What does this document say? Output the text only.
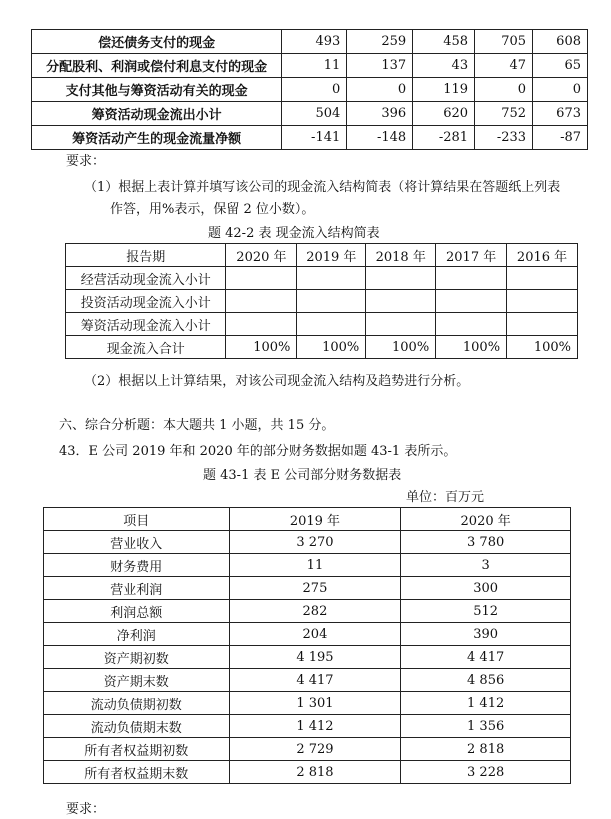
偿还债务支付的现金	493	259	458	705	608
分配股利、利润或偿付利息支付的现金	11	137	43	47	65
支付其他与筹资活动有关的现金	0	0	119	0	0
筹资活动现金流出小计	504	396	620	752	673
筹资活动产生的现金流量净额	-141	-148	-281	-233	-87
要求：
（1）根据上表计算并填写该公司的现金流入结构简表（将计算结果在答题纸上列表
作答，用%表示，保留 2 位小数）。
题 42-2 表 现金流入结构简表
报告期	2020 年	2019 年	2018 年	2017 年	2016 年
经营活动现金流入小计					
投资活动现金流入小计					
筹资活动现金流入小计					
现金流入合计	100%	100%	100%	100%	100%
（2）根据以上计算结果，对该公司现金流入结构及趋势进行分析。
六、综合分析题：本大题共 1 小题，共 15 分。
43．E 公司 2019 年和 2020 年的部分财务数据如题 43-1 表所示。
题 43-1 表 E 公司部分财务数据表
单位：百万元
项目	2019 年	2020 年
营业收入	3 270	3 780
财务费用	11	3
营业利润	275	300
利润总额	282	512
净利润	204	390
资产期初数	4 195	4 417
资产期末数	4 417	4 856
流动负债期初数	1 301	1 412
流动负债期末数	1 412	1 356
所有者权益期初数	2 729	2 818
所有者权益期末数	2 818	3 228
要求：
